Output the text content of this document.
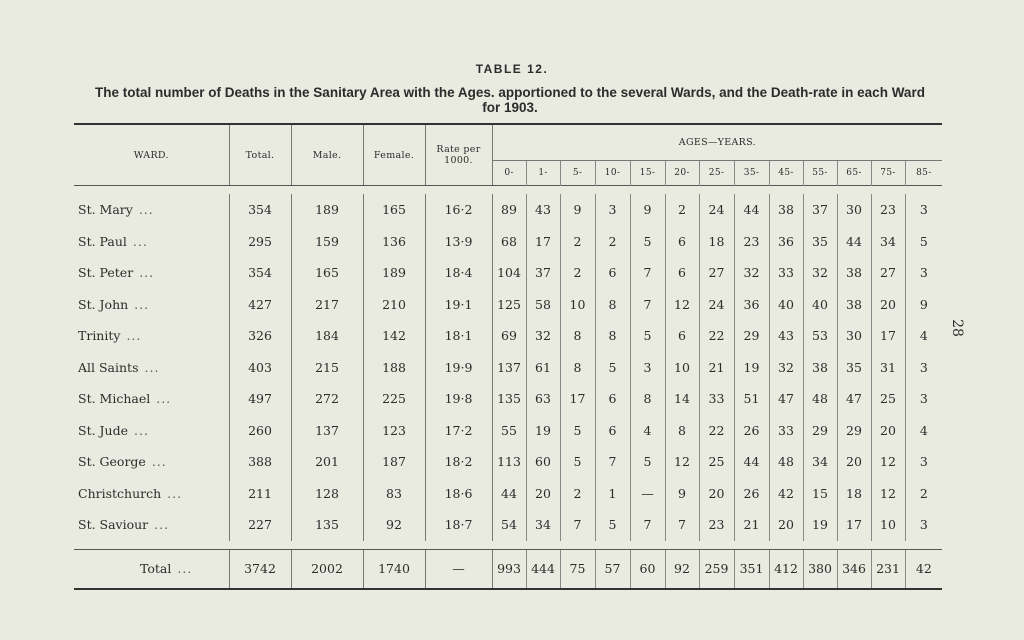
TABLE 12.
The total number of Deaths in the Sanitary Area with the Ages. apportioned to the several Wards, and the Death-rate in each Ward for 1903.
28
WARD.	Total.	Male.	Female.	Rate per 1000.	AGES—YEARS.												
					0-	1-	5-	10-	15-	20-	25-	35-	45-	55-	65-	75-	85-

St. Mary ...	354	189	165	16·2	89	43	9	3	9	2	24	44	38	37	30	23	3
St. Paul ...	295	159	136	13·9	68	17	2	2	5	6	18	23	36	35	44	34	5
St. Peter ...	354	165	189	18·4	104	37	2	6	7	6	27	32	33	32	38	27	3
St. John ...	427	217	210	19·1	125	58	10	8	7	12	24	36	40	40	38	20	9
Trinity ...	326	184	142	18·1	69	32	8	8	5	6	22	29	43	53	30	17	4
All Saints ...	403	215	188	19·9	137	61	8	5	3	10	21	19	32	38	35	31	3
St. Michael ...	497	272	225	19·8	135	63	17	6	8	14	33	51	47	48	47	25	3
St. Jude ...	260	137	123	17·2	55	19	5	6	4	8	22	26	33	29	29	20	4
St. George ...	388	201	187	18·2	113	60	5	7	5	12	25	44	48	34	20	12	3
Christchurch ...	211	128	83	18·6	44	20	2	1	—	9	20	26	42	15	18	12	2
St. Saviour ...	227	135	92	18·7	54	34	7	5	7	7	23	21	20	19	17	10	3

Total ...	3742	2002	1740	—	993	444	75	57	60	92	259	351	412	380	346	231	42
